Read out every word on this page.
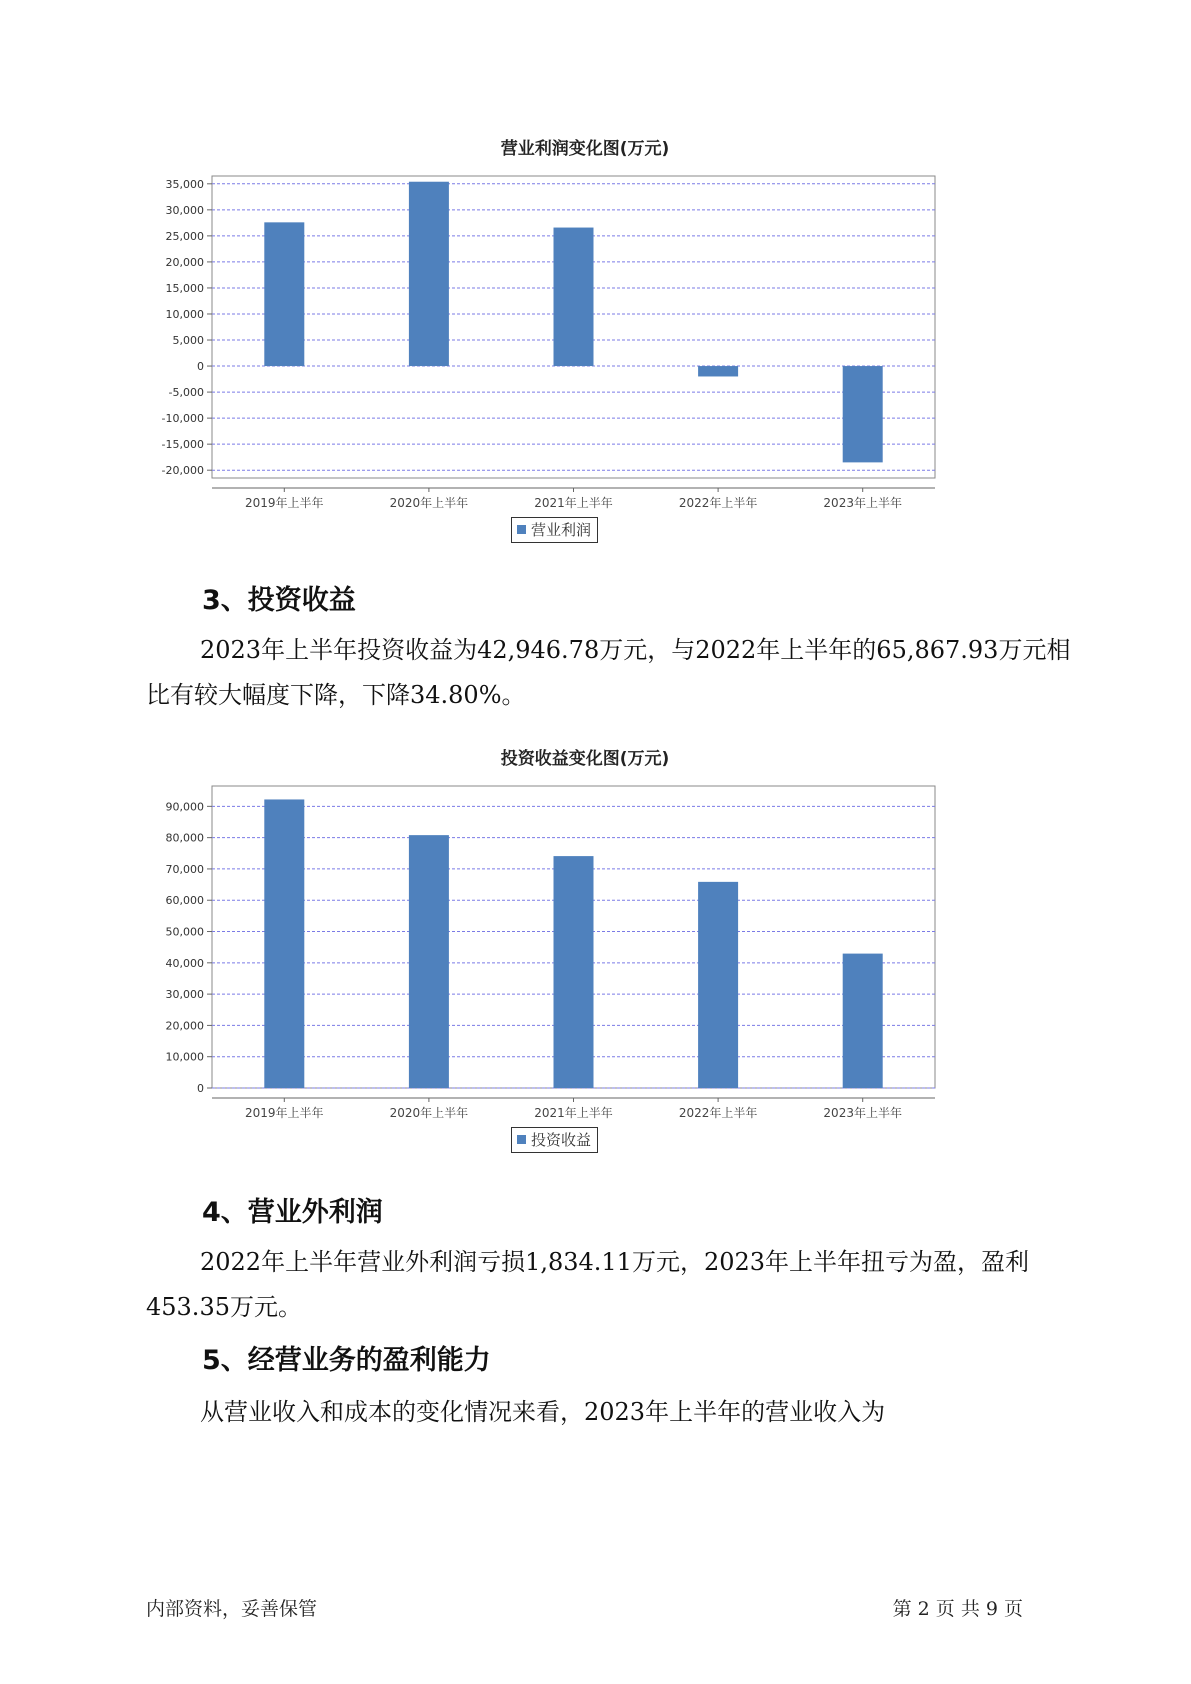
营业利润变化图(万元)
35,000
30,000
25,000
20,000
15,000
10,000
5,000
0
-5,000
-10,000
-15,000
-20,000
2019年上半年	2020年上半年	2021年上半年	2022年上半年	2023年上半年
营业利润
3、投资收益

2023年上半年投资收益为42,946.78万元，与2022年上半年的65,867.93万元相比有较大幅度下降，下降34.80%。

投资收益变化图(万元)
90,000
80,000
70,000
60,000
50,000
40,000
30,000
20,000
10,000
0
2019年上半年	2020年上半年	2021年上半年	2022年上半年	2023年上半年
投资收益
4、营业外利润

2022年上半年营业外利润亏损1,834.11万元，2023年上半年扭亏为盈，盈利453.35万元。

5、经营业务的盈利能力

从营业收入和成本的变化情况来看，2023年上半年的营业收入为

内部资料，妥善保管	第 2 页 共 9 页
